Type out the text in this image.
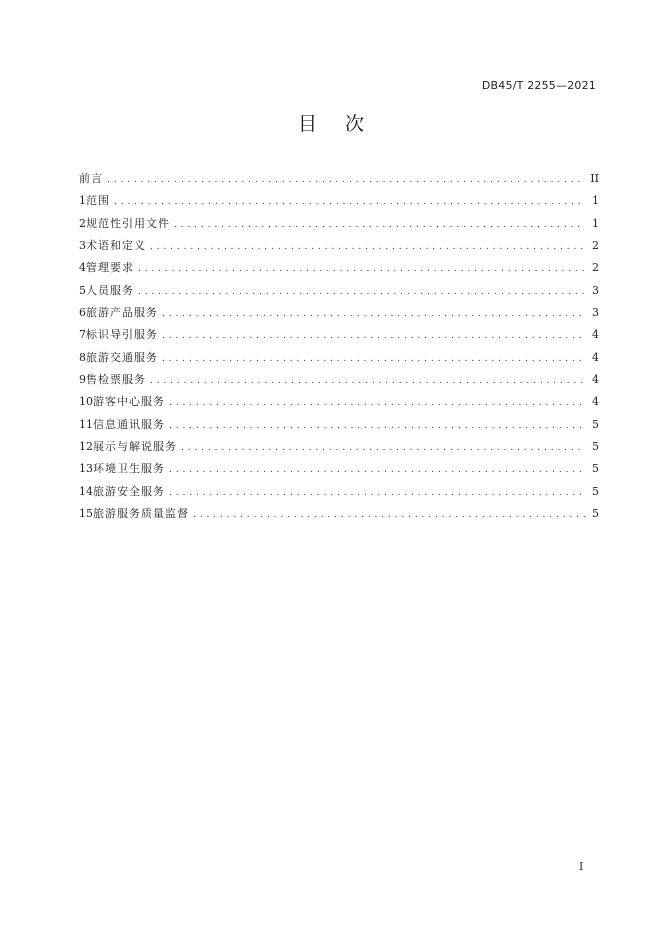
DB45/T 2255—2021
目次
前言 . . .	II
1 范围 . . .	1
2 规范性引用文件 . . .	1
3 术语和定义 . . .	2
4 管理要求 . . .	2
5 人员服务 . . .	3
6 旅游产品服务 . . .	3
7 标识导引服务 . . .	4
8 旅游交通服务 . . .	4
9 售检票服务 . . .	4
10 游客中心服务 . . .	4
11 信息通讯服务 . . .	5
12 展示与解说服务 . . .	5
13 环境卫生服务 . . .	5
14 旅游安全服务 . . .	5
15 旅游服务质量监督 . . .	5
I
